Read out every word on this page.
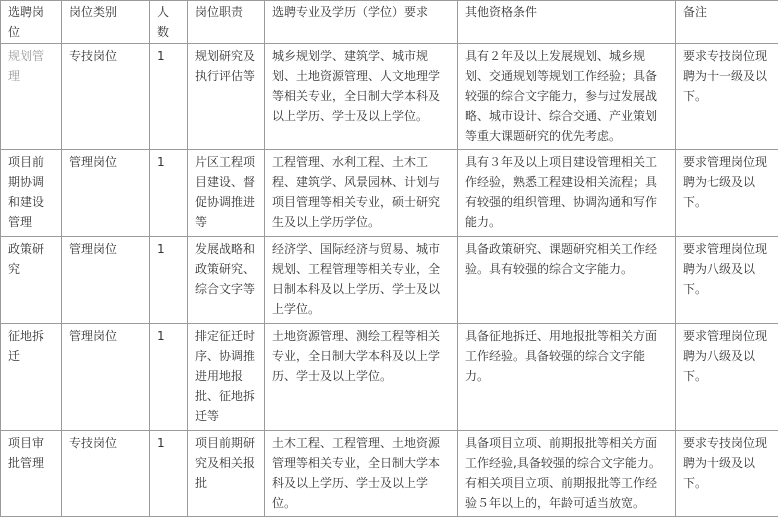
选聘岗位	岗位类别	人数	岗位职责	选聘专业及学历（学位）要求	其他资格条件	备注
规划管理	专技岗位	1	规划研究及执行评估等	城乡规划学、建筑学、城市规划、土地资源管理、人文地理学等相关专业，全日制大学本科及以上学历、学士及以上学位。	具有２年及以上发展规划、城乡规划、交通规划等规划工作经验；具备较强的综合文字能力，参与过发展战略、城市设计、综合交通、产业策划等重大课题研究的优先考虑。	要求专技岗位现聘为十一级及以下。
项目前期协调和建设管理	管理岗位	1	片区工程项目建设、督促协调推进等	工程管理、水利工程、土木工程、建筑学、风景园林、计划与项目管理等相关专业，硕士研究生及以上学历学位。	具有３年及以上项目建设管理相关工作经验，熟悉工程建设相关流程；具有较强的组织管理、协调沟通和写作能力。	要求管理岗位现聘为七级及以下。
政策研究	管理岗位	1	发展战略和政策研究、综合文字等	经济学、国际经济与贸易、城市规划、工程管理等相关专业，全日制本科及以上学历、学士及以上学位。	具备政策研究、课题研究相关工作经验。具有较强的综合文字能力。	要求管理岗位现聘为八级及以下。
征地拆迁	管理岗位	1	排定征迁时序、协调推进用地报批、征地拆迁等	土地资源管理、测绘工程等相关专业，全日制大学本科及以上学历、学士及以上学位。	具备征地拆迁、用地报批等相关方面工作经验。具备较强的综合文字能力。	要求管理岗位现聘为八级及以下。
项目审批管理	专技岗位	1	项目前期研究及相关报批	土木工程、工程管理、土地资源管理等相关专业，全日制大学本科及以上学历、学士及以上学位。	具备项目立项、前期报批等相关方面工作经验,具备较强的综合文字能力。有相关项目立项、前期报批等工作经验５年以上的，年龄可适当放宽。	要求专技岗位现聘为十级及以下。
